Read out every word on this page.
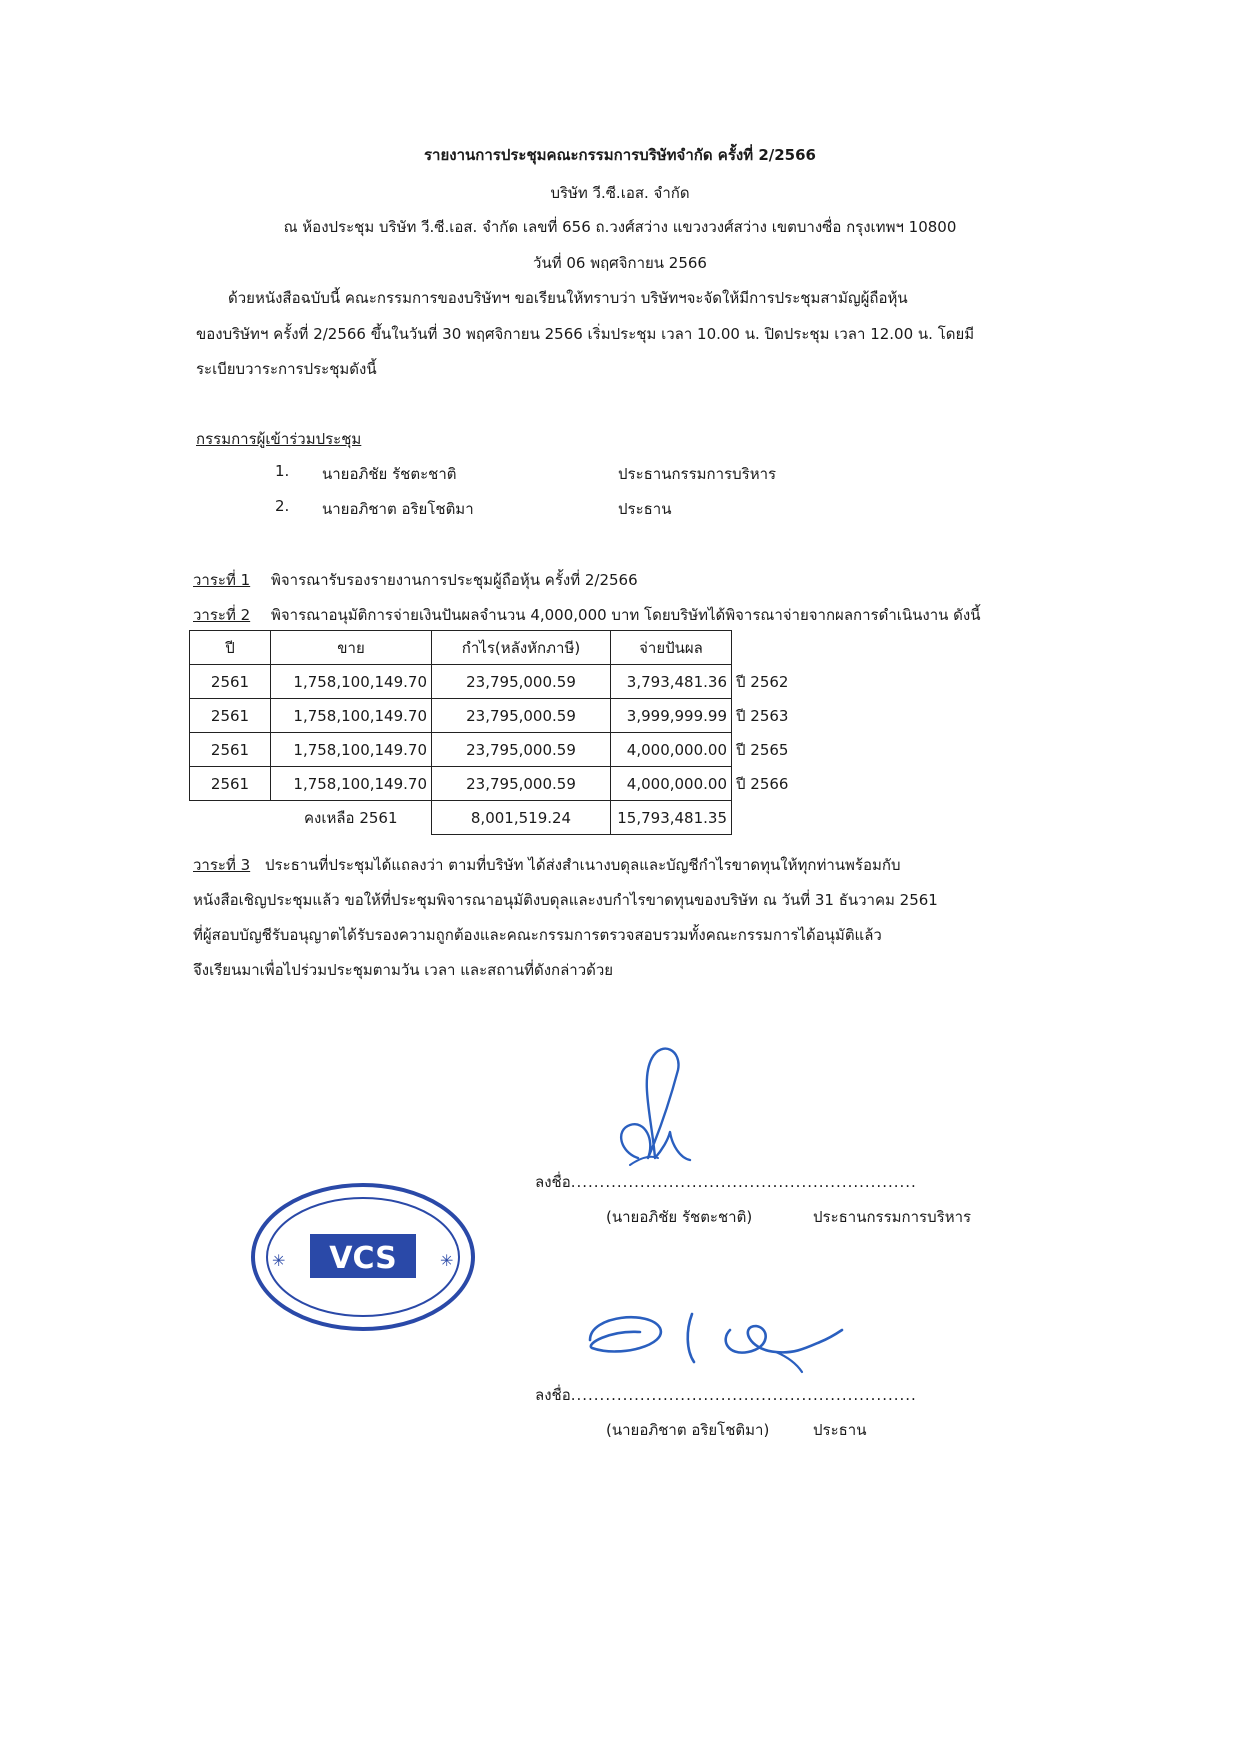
รายงานการประชุมคณะกรรมการบริษัทจำกัด ครั้งที่ 2/2566
บริษัท วี.ซี.เอส. จำกัด
ณ ห้องประชุม บริษัท วี.ซี.เอส. จำกัด เลขที่ 656 ถ.วงศ์สว่าง แขวงวงศ์สว่าง เขตบางซื่อ กรุงเทพฯ 10800
วันที่ 06 พฤศจิกายน 2566
ด้วยหนังสือฉบับนี้ คณะกรรมการของบริษัทฯ ขอเรียนให้ทราบว่า บริษัทฯจะจัดให้มีการประชุมสามัญผู้ถือหุ้น
ของบริษัทฯ ครั้งที่ 2/2566 ขึ้นในวันที่ 30 พฤศจิกายน 2566 เริ่มประชุม เวลา 10.00 น. ปิดประชุม เวลา 12.00 น. โดยมี
ระเบียบวาระการประชุมดังนี้
กรรมการผู้เข้าร่วมประชุม
1. นายอภิชัย รัชตะชาติ	ประธานกรรมการบริหาร
2. นายอภิชาต อริยโชติมา	ประธาน
วาระที่ 1 พิจารณารับรองรายงานการประชุมผู้ถือหุ้น ครั้งที่ 2/2566
วาระที่ 2 พิจารณาอนุมัติการจ่ายเงินปันผลจำนวน 4,000,000 บาท โดยบริษัทได้พิจารณาจ่ายจากผลการดำเนินงาน ดังนี้
ปี	ขาย	กำไร(หลังหักภาษี)	จ่ายปันผล	
2561	1,758,100,149.70	23,795,000.59	3,793,481.36	ปี 2562
2561	1,758,100,149.70	23,795,000.59	3,999,999.99	ปี 2563
2561	1,758,100,149.70	23,795,000.59	4,000,000.00	ปี 2565
2561	1,758,100,149.70	23,795,000.59	4,000,000.00	ปี 2566
	คงเหลือ 2561	8,001,519.24	15,793,481.35	
วาระที่ 3 ประธานที่ประชุมได้แถลงว่า ตามที่บริษัท ได้ส่งสำเนางบดุลและบัญชีกำไรขาดทุนให้ทุกท่านพร้อมกับ
หนังสือเชิญประชุมแล้ว ขอให้ที่ประชุมพิจารณาอนุมัติงบดุลและงบกำไรขาดทุนของบริษัท ณ วันที่ 31 ธันวาคม 2561
ที่ผู้สอบบัญชีรับอนุญาตได้รับรองความถูกต้องและคณะกรรมการตรวจสอบรวมทั้งคณะกรรมการได้อนุมัติแล้ว
จึงเรียนมาเพื่อไปร่วมประชุมตามวัน เวลา และสถานที่ดังกล่าวด้วย
ลงชื่อ............................................................
(นายอภิชัย รัชตะชาติ)	ประธานกรรมการบริหาร
VCS
✳	✳
ลงชื่อ............................................................
(นายอภิชาต อริยโชติมา)	ประธาน
